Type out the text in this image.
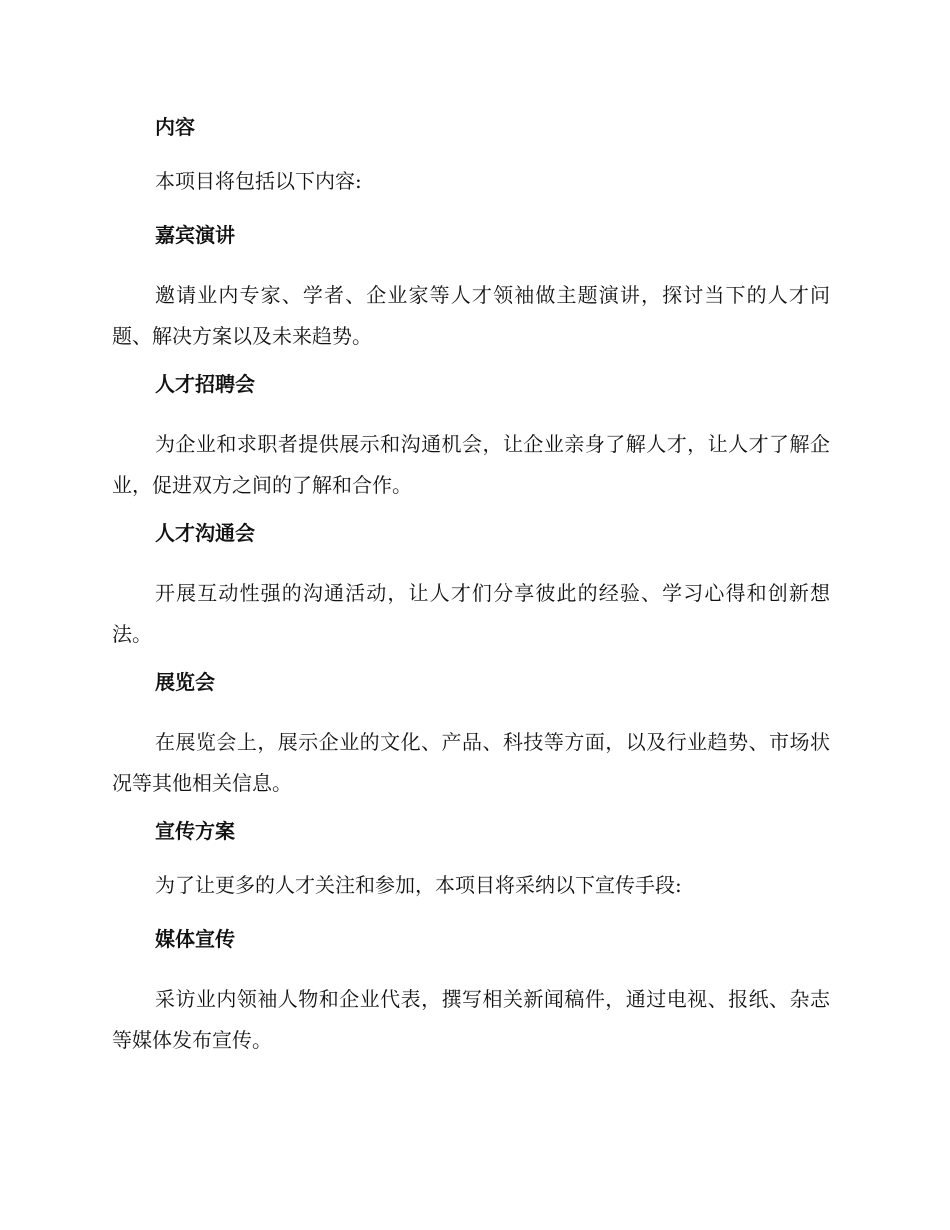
内容
本项目将包括以下内容:
嘉宾演讲
邀请业内专家、学者、企业家等人才领袖做主题演讲，探讨当下的人才问题、解决方案以及未来趋势。
人才招聘会
为企业和求职者提供展示和沟通机会，让企业亲身了解人才，让人才了解企业，促进双方之间的了解和合作。
人才沟通会
开展互动性强的沟通活动，让人才们分享彼此的经验、学习心得和创新想法。
展览会
在展览会上，展示企业的文化、产品、科技等方面，以及行业趋势、市场状况等其他相关信息。
宣传方案
为了让更多的人才关注和参加，本项目将采纳以下宣传手段:
媒体宣传
采访业内领袖人物和企业代表，撰写相关新闻稿件，通过电视、报纸、杂志等媒体发布宣传。
